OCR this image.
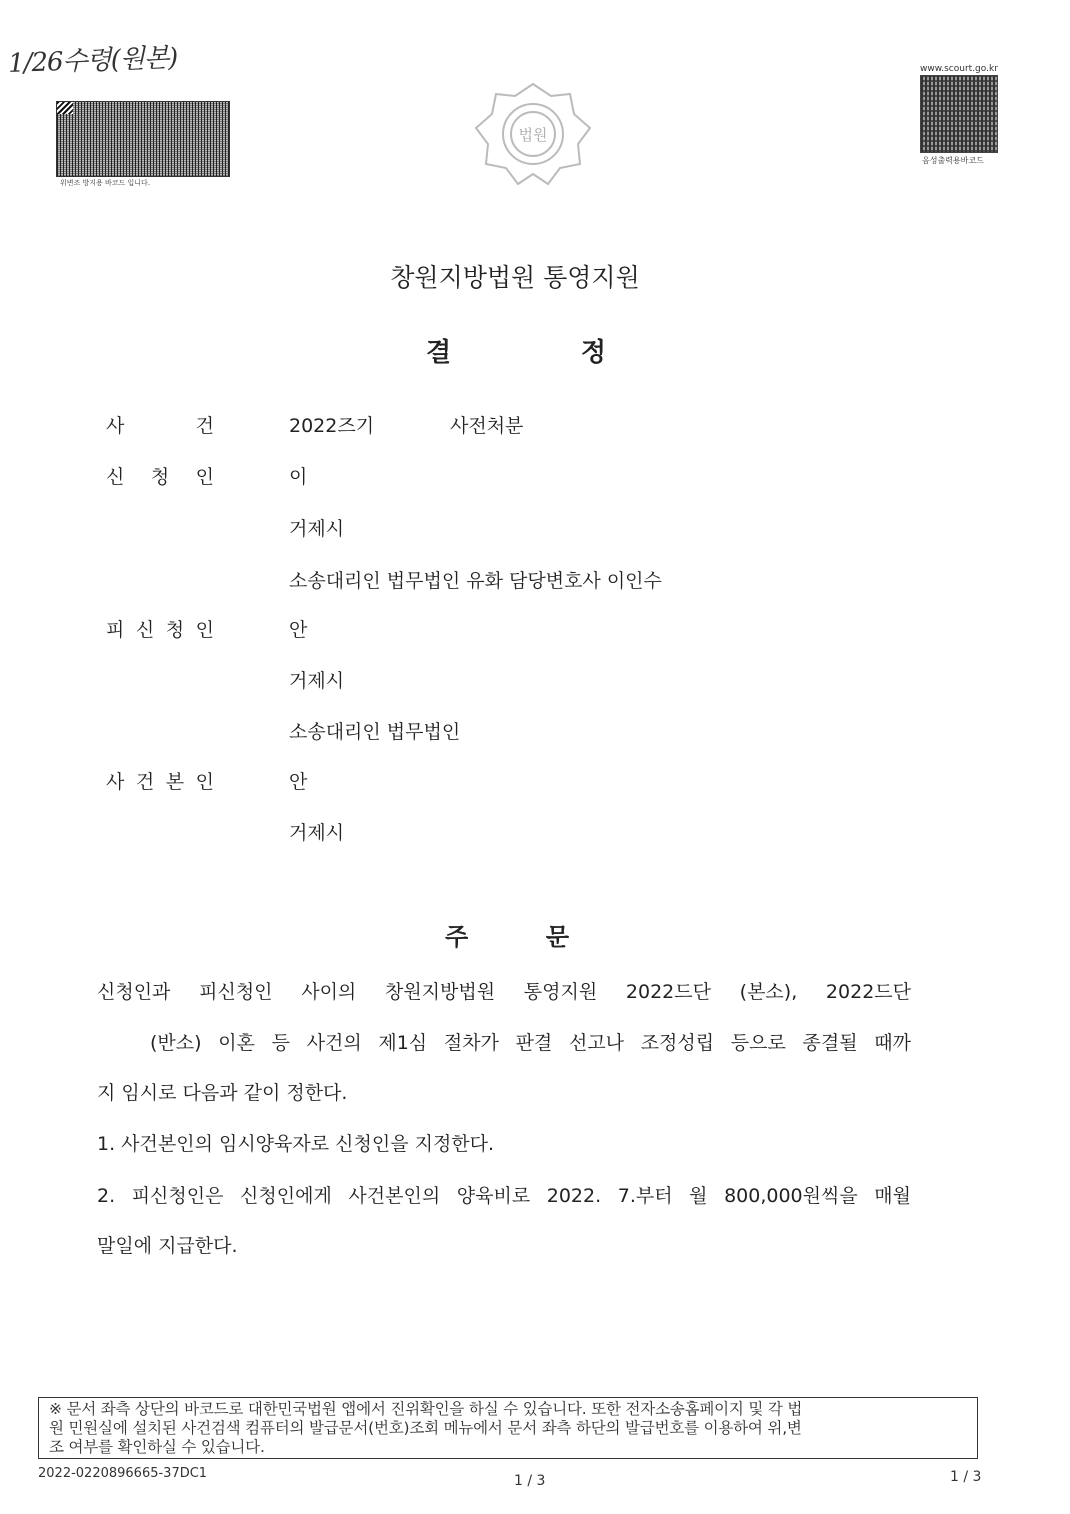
1/26수령(원본)
위변조 방지용 바코드 입니다.
법원
www.scourt.go.kr
음성출력용바코드
창원지방법원 통영지원
결	정
사	건	2022즈기	사전처분
신 청 인	이
거제시
소송대리인 법무법인 유화 담당변호사 이인수
피 신 청 인	안
거제시
소송대리인 법무법인
사 건 본 인	안
거제시
주	문
신청인과 피신청인 사이의 창원지방법원 통영지원 2022드단 (본소), 2022드단
(반소) 이혼 등 사건의 제1심 절차가 판결 선고나 조정성립 등으로 종결될 때까
지 임시로 다음과 같이 정한다.
1. 사건본인의 임시양육자로 신청인을 지정한다.
2. 피신청인은 신청인에게 사건본인의 양육비로 2022. 7.부터 월 800,000원씩을 매월
말일에 지급한다.
※ 문서 좌측 상단의 바코드로 대한민국법원 앱에서 진위확인을 하실 수 있습니다. 또한 전자소송홈페이지 및 각 법
원 민원실에 설치된 사건검색 컴퓨터의 발급문서(번호)조회 메뉴에서 문서 좌측 하단의 발급번호를 이용하여 위,변
조 여부를 확인하실 수 있습니다.
2022-0220896665-37DC1	1 / 3	1 / 3
